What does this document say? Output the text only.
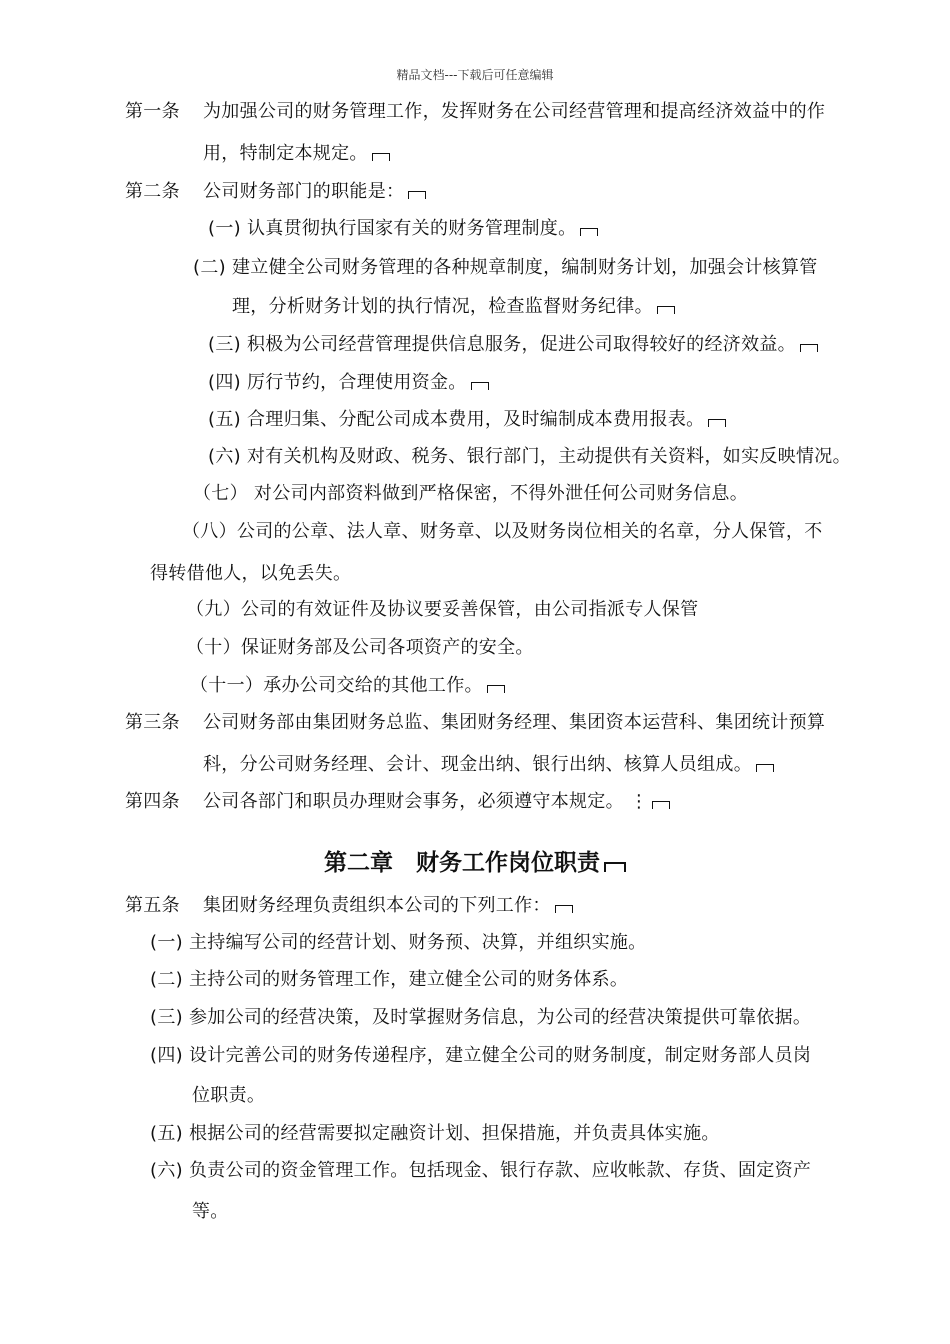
精品文档---下载后可任意编辑
第一条 为加强公司的财务管理工作，发挥财务在公司经营管理和提高经济效益中的作
用，特制定本规定。
第二条 公司财务部门的职能是：
(一) 认真贯彻执行国家有关的财务管理制度。
(二) 建立健全公司财务管理的各种规章制度，编制财务计划，加强会计核算管
理，分析财务计划的执行情况，检查监督财务纪律。
(三) 积极为公司经营管理提供信息服务，促进公司取得较好的经济效益。
(四) 厉行节约，合理使用资金。
(五) 合理归集、分配公司成本费用，及时编制成本费用报表。
(六) 对有关机构及财政、税务、银行部门，主动提供有关资料，如实反映情况。
（七） 对公司内部资料做到严格保密，不得外泄任何公司财务信息。
（八）公司的公章、法人章、财务章、以及财务岗位相关的名章，分人保管，不
得转借他人，以免丢失。
（九）公司的有效证件及协议要妥善保管，由公司指派专人保管
（十）保证财务部及公司各项资产的安全。
（十一）承办公司交给的其他工作。
第三条 公司财务部由集团财务总监、集团财务经理、集团资本运营科、集团统计预算
科，分公司财务经理、会计、现金出纳、银行出纳、核算人员组成。
第四条 公司各部门和职员办理财会事务，必须遵守本规定。 ⋮
第二章　财务工作岗位职责
第五条 集团财务经理负责组织本公司的下列工作：
(一) 主持编写公司的经营计划、财务预、决算，并组织实施。
(二) 主持公司的财务管理工作，建立健全公司的财务体系。
(三) 参加公司的经营决策，及时掌握财务信息，为公司的经营决策提供可靠依据。
(四) 设计完善公司的财务传递程序，建立健全公司的财务制度，制定财务部人员岗
位职责。
(五) 根据公司的经营需要拟定融资计划、担保措施，并负责具体实施。
(六) 负责公司的资金管理工作。包括现金、银行存款、应收帐款、存货、固定资产
等。
